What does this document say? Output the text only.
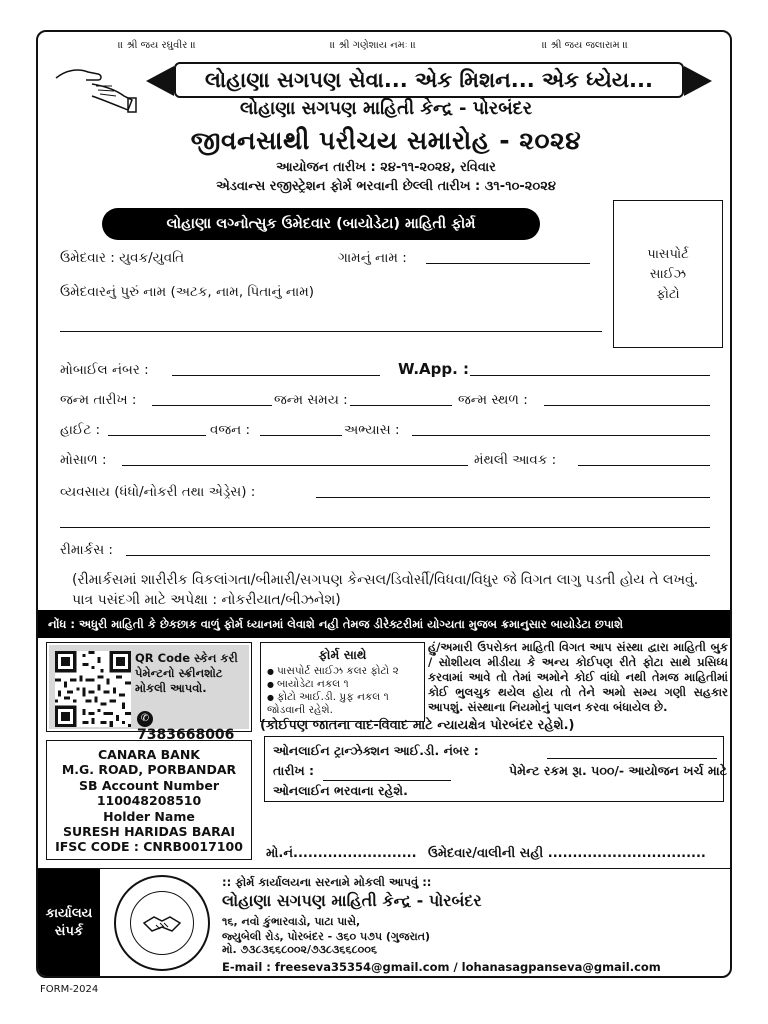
॥ શ્રી જય રઘુવીર ॥	॥ શ્રી ગણેશાય નમઃ ॥	॥ શ્રી જય જલારામ ॥
લોહાણા સગપણ સેવા... એક મિશન... એક ધ્યેય...
લોહાણા સગપણ માહિતી કેન્દ્ર - પોરબંદર
જીવનસાથી પરીચય સમારોહ - ૨૦૨૪
આયોજન તારીખ : ૨૪-૧૧-૨૦૨૪, રવિવાર
એડવાન્સ રજીસ્ટ્રેશન ફોર્મ ભરવાની છેલ્લી તારીખ : ૩૧-૧૦-૨૦૨૪
લોહાણા લગ્નોત્સુક ઉમેદવાર (બાયોડેટા) માહિતી ફોર્મ
પાસપોર્ટ
સાઈઝ
ફોટો
ઉમેદવાર : યુવક/યુવતિ	ગામનું નામ :
ઉમેદવારનું પુરું નામ (અટક, નામ, પિતાનું નામ)
મોબાઈલ નંબર :	W.App. :
જન્મ તારીખ :	જન્મ સમય :	જન્મ સ્થળ :
હાઈટ :	વજન :	અભ્યાસ :
મોસાળ :	મંથલી આવક :
વ્યવસાય (ધંધો/નોકરી તથા એડ્રેસ) :
રીમાર્કસ :
(રીમાર્કસમાં શારીરીક વિકલાંગતા/બીમારી/સગપણ કેન્સલ/ડિવોર્સી/વિધવા/વિધુર જે વિગત લાગુ પડતી હોય તે લખવું. પાત્ર પસંદગી માટે અપેક્ષા : નોકરીયાત/બીઝનેશ)
નોંધ : અધુરી માહિતી કે છેકછાક વાળું ફોર્મ ધ્યાનમાં લેવાશે નહી તેમજ ડીરેક્ટરીમાં યોગ્યતા મુજબ ક્રમાનુસાર બાયોડેટા છપાશે
QR Code સ્કેન કરી
પેમેન્ટનો સ્ક્રીનશોટ
મોકલી આપવો.
✆7383668006
ફોર્મ સાથે
● પાસપોર્ટ સાઈઝ કલર ફોટો ૨
● બાયોડેટા નકલ ૧
● ફોટો આઈ.ડી. પ્રુફ નકલ ૧ જોડવાની રહેશે.
હું/અમારી ઉપરોક્ત માહિતી વિગત આપ સંસ્થા દ્વારા માહિતી બુક / સોશીયલ મીડીયા કે અન્ય કોઈપણ રીતે ફોટા સાથે પ્રસિધ્ધ કરવામાં આવે તો તેમાં અમોને કોઈ વાંધો નથી તેમજ માહિતીમાં કોઈ ભુલચુક થયેલ હોય તો તેને અમો સમ્ય ગણી સહકાર આપશું. સંસ્થાના નિયમોનું પાલન કરવા બંધાયેલ છે.
(કોઈપણ જાતના વાદ-વિવાદ માટે ન્યાયક્ષેત્ર પોરબંદર રહેશે.)
CANARA BANK
M.G. ROAD, PORBANDAR
SB Account Number
110048208510
Holder Name
SURESH HARIDAS BARAI
IFSC CODE : CNRB0017100
ઓનલાઈન ટ્રાન્ઝેક્શન આઈ.ડી. નંબર :
તારીખ :	પેમેન્ટ રકમ રૂા. ૫૦૦/- આયોજન ખર્ચ માટે
ઓનલાઈન ભરવાના રહેશે.
મો.નં......................... ઉમેદવાર/વાલીની સહી ................................
કાર્યાલય
સંપર્ક
:: ફોર્મ કાર્યાલયના સરનામે મોકલી આપવું ::
લોહાણા સગપણ માહિતી કેન્દ્ર - પોરબંદર
૧૬, નવો કુંભારવાડો, પાટા પાસે,
જ્યુબેલી રોડ, પોરબંદર - ૩૬૦ ૫૭૫ (ગુજરાત)
મો. ૭૩૮૩૬૬૮૦૦૨/૭૩૮૩૬૬૮૦૦૬
E-mail : freeseva35354@gmail.com / lohanasagpanseva@gmail.com
FORM-2024
